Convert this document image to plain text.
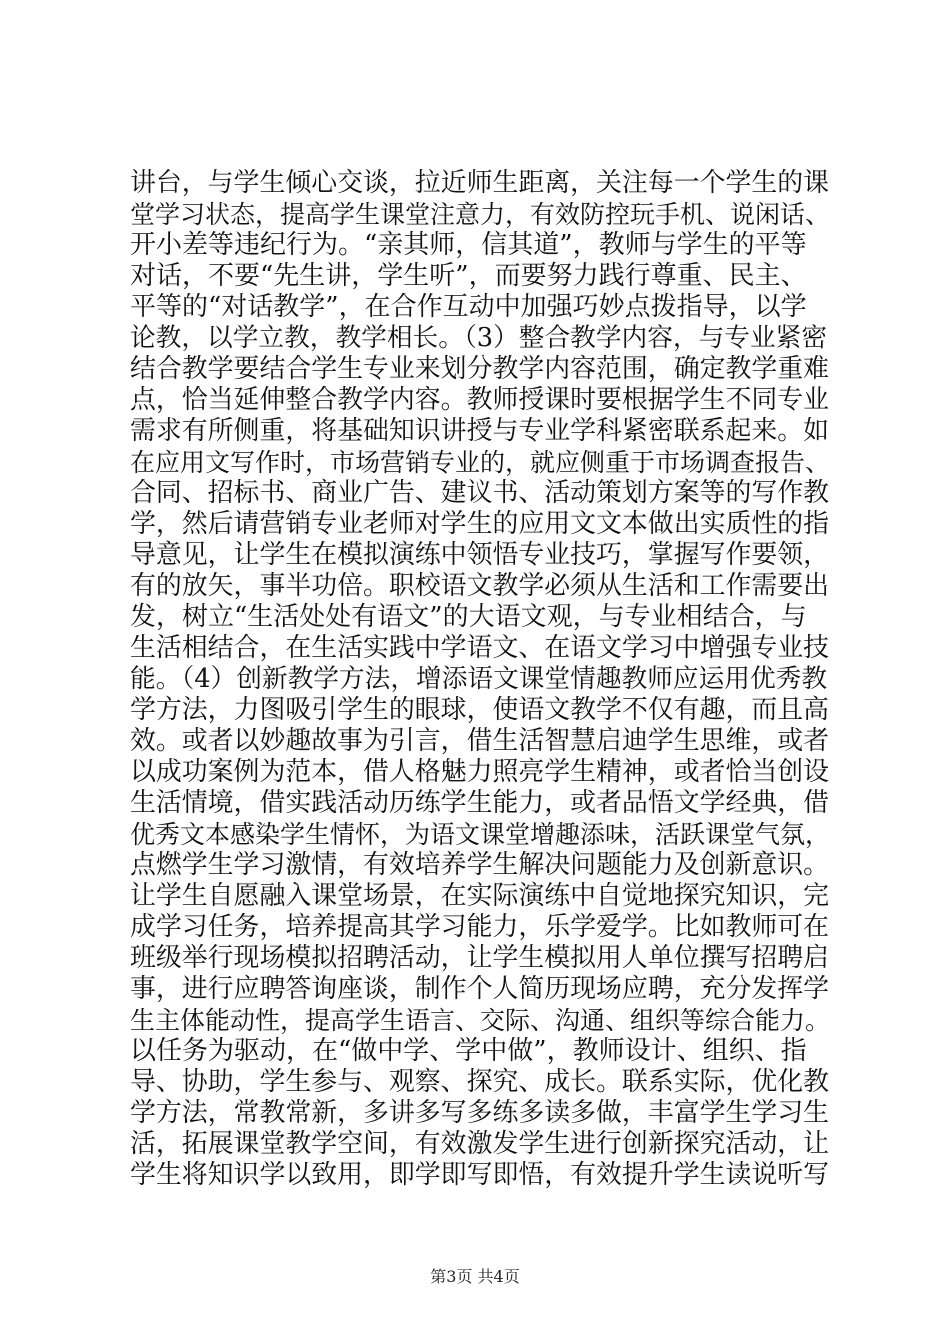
讲台，与学生倾心交谈，拉近师生距离，关注每一个学生的课
堂学习状态，提高学生课堂注意力，有效防控玩手机、说闲话、
开小差等违纪行为。“亲其师，信其道”，教师与学生的平等
对话，不要“先生讲，学生听”，而要努力践行尊重、民主、
平等的“对话教学”，在合作互动中加强巧妙点拨指导，以学
论教，以学立教，教学相长。（3）整合教学内容，与专业紧密
结合教学要结合学生专业来划分教学内容范围，确定教学重难
点，恰当延伸整合教学内容。教师授课时要根据学生不同专业
需求有所侧重，将基础知识讲授与专业学科紧密联系起来。如
在应用文写作时，市场营销专业的，就应侧重于市场调查报告、
合同、招标书、商业广告、建议书、活动策划方案等的写作教
学，然后请营销专业老师对学生的应用文文本做出实质性的指
导意见，让学生在模拟演练中领悟专业技巧，掌握写作要领，
有的放矢，事半功倍。职校语文教学必须从生活和工作需要出
发，树立“生活处处有语文”的大语文观，与专业相结合，与
生活相结合，在生活实践中学语文、在语文学习中增强专业技
能。（4）创新教学方法，增添语文课堂情趣教师应运用优秀教
学方法，力图吸引学生的眼球，使语文教学不仅有趣，而且高
效。或者以妙趣故事为引言，借生活智慧启迪学生思维，或者
以成功案例为范本，借人格魅力照亮学生精神，或者恰当创设
生活情境，借实践活动历练学生能力，或者品悟文学经典，借
优秀文本感染学生情怀，为语文课堂增趣添味，活跃课堂气氛，
点燃学生学习激情，有效培养学生解决问题能力及创新意识。
让学生自愿融入课堂场景，在实际演练中自觉地探究知识，完
成学习任务，培养提高其学习能力，乐学爱学。比如教师可在
班级举行现场模拟招聘活动，让学生模拟用人单位撰写招聘启
事，进行应聘答询座谈，制作个人简历现场应聘，充分发挥学
生主体能动性，提高学生语言、交际、沟通、组织等综合能力。
以任务为驱动，在“做中学、学中做”，教师设计、组织、指
导、协助，学生参与、观察、探究、成长。联系实际，优化教
学方法，常教常新，多讲多写多练多读多做，丰富学生学习生
活，拓展课堂教学空间，有效激发学生进行创新探究活动，让
学生将知识学以致用，即学即写即悟，有效提升学生读说听写
第3页 共4页
